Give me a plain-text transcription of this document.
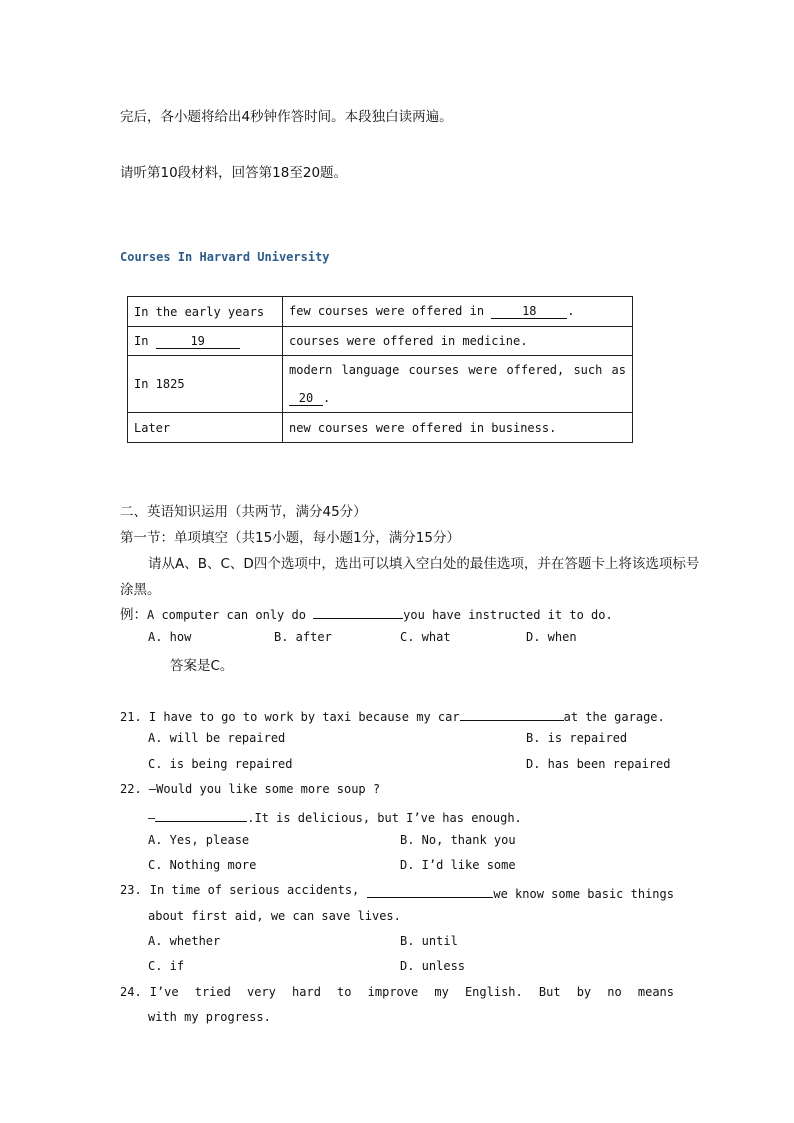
完后，各小题将给出4秒钟作答时间。本段独白读两遍。
请听第10段材料，回答第18至20题。
Courses In Harvard University
In the early years	few courses were offered in 18 .
In 19	courses were offered in medicine.
In 1825	modern language courses were offered, such as
20 .

Later	new courses were offered in business.
二、英语知识运用（共两节，满分45分）
第一节：单项填空（共15小题，每小题1分，满分15分）
请从A、B、C、D四个选项中，选出可以填入空白处的最佳选项，并在答题卡上将该选项标号
涂黑。
例：A computer can only do	you have instructed it to do.
A. how	B. after	C. what	D. when
答案是C。
21. I have to go to work by taxi because my car	at the garage.
A. will be repaired	B. is repaired
C. is being repaired	D. has been repaired
22. —Would you like some more soup ?
—	.It is delicious, but I’ve has enough.
A. Yes, please	B. No, thank you
C. Nothing more	D. I’d like some
23. In time of serious accidents,	we know some basic things
about first aid, we can save lives.
A. whether	B. until
C. if	D. unless
24. I’ve tried very hard to improve my English. But by no means
with my progress.
